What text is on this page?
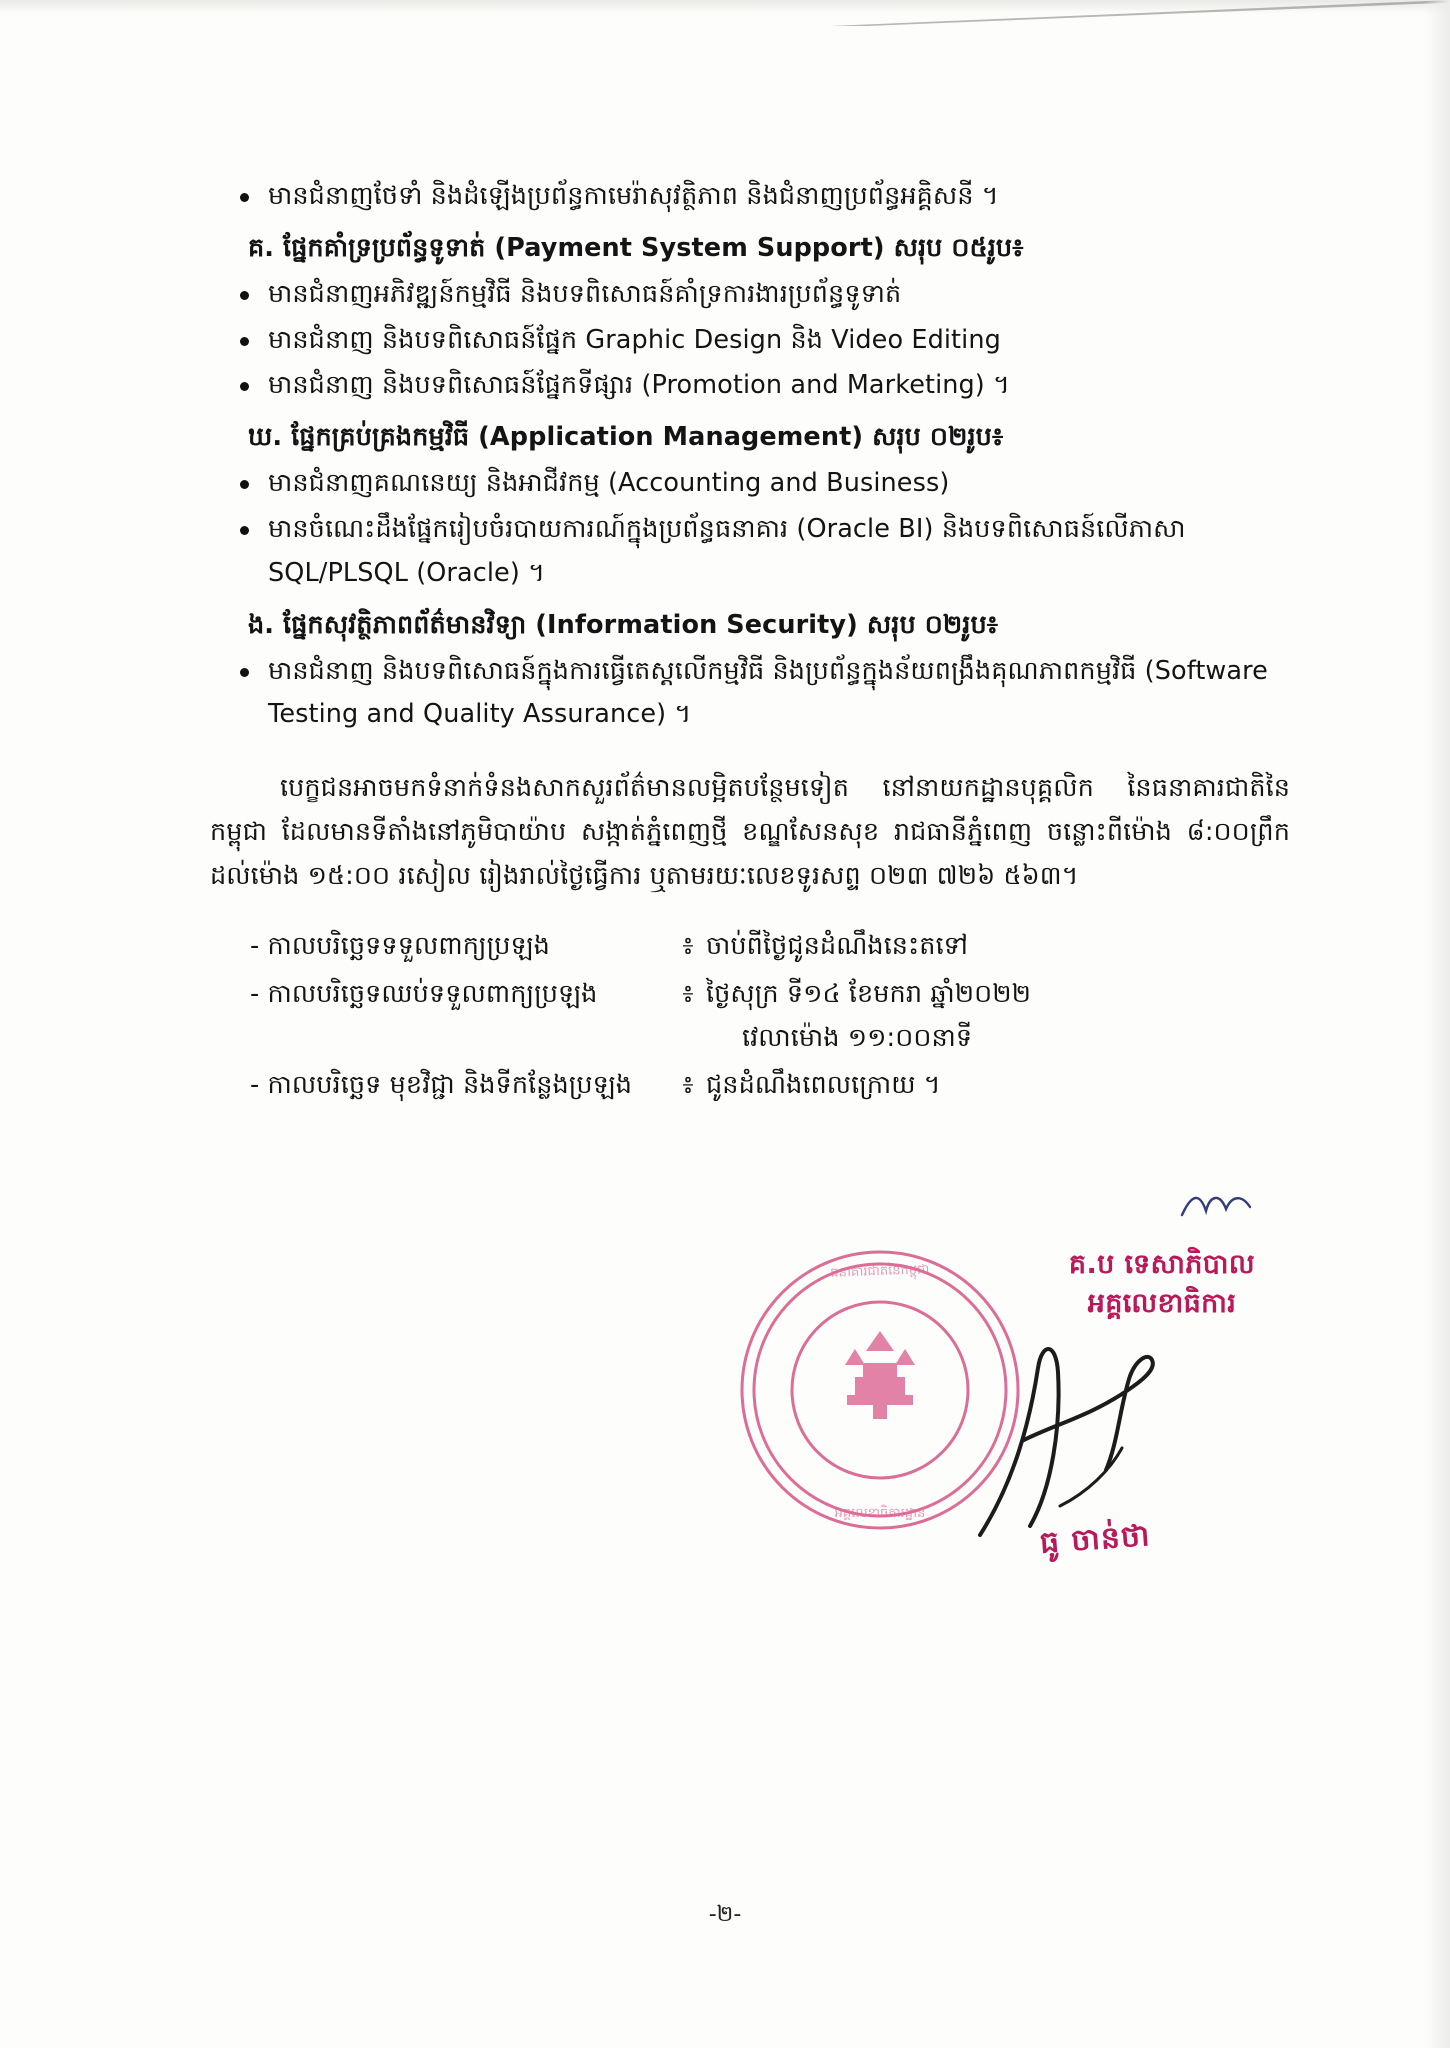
មានជំនាញថែទាំ និងដំឡើងប្រព័ន្ធកាមេរ៉ាសុវត្ថិភាព និងជំនាញប្រព័ន្ធអគ្គិសនី ។
គ. ផ្នែកគាំទ្រប្រព័ន្ធទូទាត់ (Payment System Support) សរុប ០៥រូប៖
មានជំនាញអភិវឌ្ឍន៍កម្មវិធី និងបទពិសោធន៍គាំទ្រការងារប្រព័ន្ធទូទាត់
មានជំនាញ និងបទពិសោធន៍ផ្នែក Graphic Design និង Video Editing
មានជំនាញ និងបទពិសោធន៍ផ្នែកទីផ្សារ (Promotion and Marketing) ។
ឃ. ផ្នែកគ្រប់គ្រងកម្មវិធី (Application Management) សរុប ០២រូប៖
មានជំនាញគណនេយ្យ និងអាជីវកម្ម (Accounting and Business)
មានចំណេះដឹងផ្នែករៀបចំរបាយការណ៍ក្នុងប្រព័ន្ធធនាគារ (Oracle BI) និងបទពិសោធន៍លើភាសា SQL/PLSQL (Oracle) ។
ង. ផ្នែកសុវត្ថិភាពព័ត៌មានវិទ្យា (Information Security) សរុប ០២រូប៖
មានជំនាញ និងបទពិសោធន៍ក្នុងការធ្វើតេស្តលើកម្មវិធី និងប្រព័ន្ធក្នុងន័យពង្រឹងគុណភាពកម្មវិធី (Software Testing and Quality Assurance) ។
បេក្ខជនអាចមកទំនាក់ទំនងសាកសួរព័ត៌មានលម្អិតបន្ថែមទៀត នៅនាយកដ្ឋានបុគ្គលិក នៃធនាគារជាតិនៃកម្ពុជា ដែលមានទីតាំងនៅភូមិបាយ៉ាប សង្កាត់ភ្នំពេញថ្មី ខណ្ឌសែនសុខ រាជធានីភ្នំពេញ ចន្លោះពីម៉ោង ៨:០០ព្រឹក ដល់ម៉ោង ១៥:០០ រសៀល រៀងរាល់ថ្ងៃធ្វើការ ឬតាមរយៈលេខទូរសព្ទ ០២៣ ៧២៦ ៥៦៣។
- កាលបរិច្ឆេទទទួលពាក្យប្រឡង	៖ ចាប់ពីថ្ងៃជូនដំណឹងនេះតទៅ
- កាលបរិច្ឆេទឈប់ទទួលពាក្យប្រឡង	៖ ថ្ងៃសុក្រ ទី១៤ ខែមករា ឆ្នាំ២០២២
វេលាម៉ោង ១១:០០នាទី
- កាលបរិច្ឆេទ មុខវិជ្ជា និងទីកន្លែងប្រឡង	៖ ជូនដំណឹងពេលក្រោយ ។
ធនាគារជាតិនៃកម្ពុជា
អគ្គលេខាធិការដ្ឋាន
គ.ប ទេសាភិបាល
អគ្គលេខាធិការ
ធូ ចាន់ថា
-២-
